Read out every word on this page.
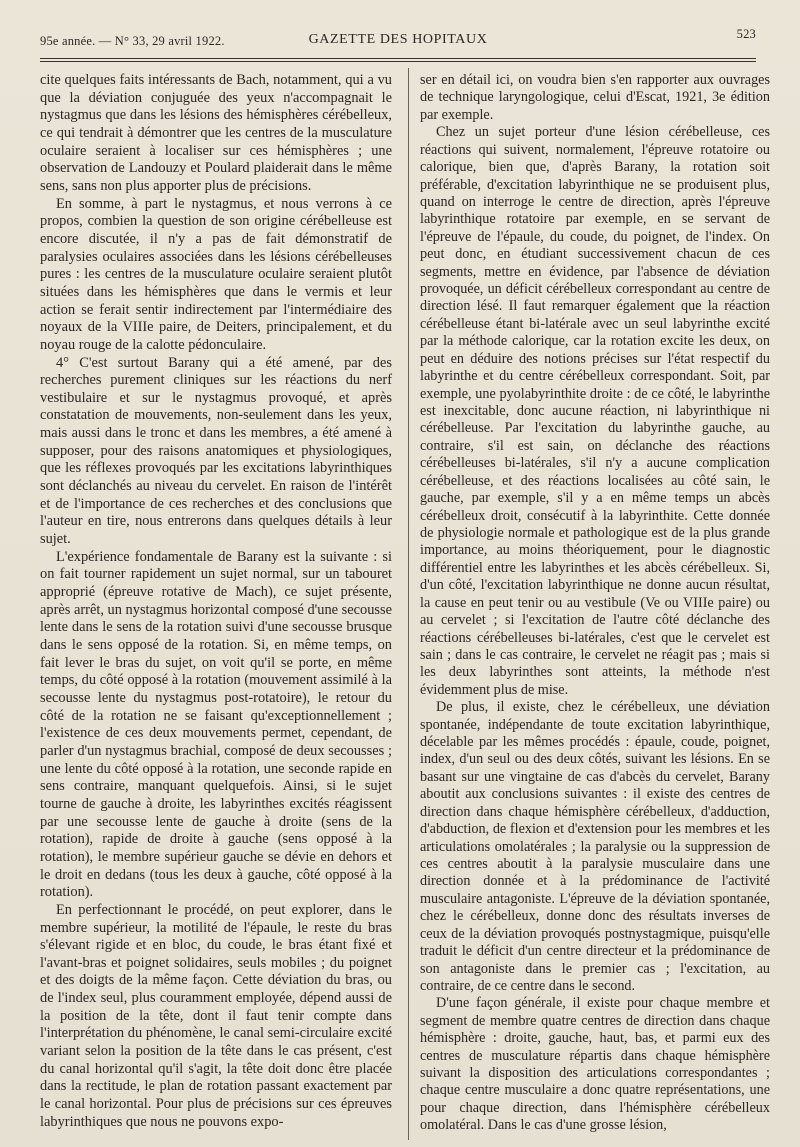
95e année. — N° 33, 29 avril 1922.	GAZETTE DES HOPITAUX	523

cite quelques faits intéressants de Bach, notamment, qui a vu que la déviation conjuguée des yeux n'accompagnait le nystagmus que dans les lésions des hémisphères cérébelleux, ce qui tendrait à démontrer que les centres de la musculature oculaire seraient à localiser sur ces hémisphères ; une observation de Landouzy et Poulard plaiderait dans le même sens, sans non plus apporter plus de précisions.

En somme, à part le nystagmus, et nous verrons à ce propos, combien la question de son origine cérébelleuse est encore discutée, il n'y a pas de fait démonstratif de paralysies oculaires associées dans les lésions cérébelleuses pures : les centres de la musculature oculaire seraient plutôt situées dans les hémisphères que dans le vermis et leur action se ferait sentir indirectement par l'intermédiaire des noyaux de la VIIIe paire, de Deiters, principalement, et du noyau rouge de la calotte pédonculaire.

4° C'est surtout Barany qui a été amené, par des recherches purement cliniques sur les réactions du nerf vestibulaire et sur le nystagmus provoqué, et après constatation de mouvements, non-seulement dans les yeux, mais aussi dans le tronc et dans les membres, a été amené à supposer, pour des raisons anatomiques et physiologiques, que les réflexes provoqués par les excitations labyrinthiques sont déclanchés au niveau du cervelet. En raison de l'intérêt et de l'importance de ces recherches et des conclusions que l'auteur en tire, nous entrerons dans quelques détails à leur sujet.

L'expérience fondamentale de Barany est la suivante : si on fait tourner rapidement un sujet normal, sur un tabouret approprié (épreuve rotative de Mach), ce sujet présente, après arrêt, un nystagmus horizontal composé d'une secousse lente dans le sens de la rotation suivi d'une secousse brusque dans le sens opposé de la rotation. Si, en même temps, on fait lever le bras du sujet, on voit qu'il se porte, en même temps, du côté opposé à la rotation (mouvement assimilé à la secousse lente du nystagmus post-rotatoire), le retour du côté de la rotation ne se faisant qu'exceptionnellement ; l'existence de ces deux mouvements permet, cependant, de parler d'un nystagmus brachial, composé de deux secousses ; une lente du côté opposé à la rotation, une seconde rapide en sens contraire, manquant quelquefois. Ainsi, si le sujet tourne de gauche à droite, les labyrinthes excités réagissent par une secousse lente de gauche à droite (sens de la rotation), rapide de droite à gauche (sens opposé à la rotation), le membre supérieur gauche se dévie en dehors et le droit en dedans (tous les deux à gauche, côté opposé à la rotation).

En perfectionnant le procédé, on peut explorer, dans le membre supérieur, la motilité de l'épaule, le reste du bras s'élevant rigide et en bloc, du coude, le bras étant fixé et l'avant-bras et poignet solidaires, seuls mobiles ; du poignet et des doigts de la même façon. Cette déviation du bras, ou de l'index seul, plus couramment employée, dépend aussi de la position de la tête, dont il faut tenir compte dans l'interprétation du phénomène, le canal semi-circulaire excité variant selon la position de la tête dans le cas présent, c'est du canal horizontal qu'il s'agit, la tête doit donc être placée dans la rectitude, le plan de rotation passant exactement par le canal horizontal. Pour plus de précisions sur ces épreuves labyrinthiques que nous ne pouvons expo-

ser en détail ici, on voudra bien s'en rapporter aux ouvrages de technique laryngologique, celui d'Escat, 1921, 3e édition par exemple.

Chez un sujet porteur d'une lésion cérébelleuse, ces réactions qui suivent, normalement, l'épreuve rotatoire ou calorique, bien que, d'après Barany, la rotation soit préférable, d'excitation labyrinthique ne se produisent plus, quand on interroge le centre de direction, après l'épreuve labyrinthique rotatoire par exemple, en se servant de l'épreuve de l'épaule, du coude, du poignet, de l'index. On peut donc, en étudiant successivement chacun de ces segments, mettre en évidence, par l'absence de déviation provoquée, un déficit cérébelleux correspondant au centre de direction lésé. Il faut remarquer également que la réaction cérébelleuse étant bi-latérale avec un seul labyrinthe excité par la méthode calorique, car la rotation excite les deux, on peut en déduire des notions précises sur l'état respectif du labyrinthe et du centre cérébelleux correspondant. Soit, par exemple, une pyolabyrinthite droite : de ce côté, le labyrinthe est inexcitable, donc aucune réaction, ni labyrinthique ni cérébelleuse. Par l'excitation du labyrinthe gauche, au contraire, s'il est sain, on déclanche des réactions cérébelleuses bi-latérales, s'il n'y a aucune complication cérébelleuse, et des réactions localisées au côté sain, le gauche, par exemple, s'il y a en même temps un abcès cérébelleux droit, consécutif à la labyrinthite. Cette donnée de physiologie normale et pathologique est de la plus grande importance, au moins théoriquement, pour le diagnostic différentiel entre les labyrinthes et les abcès cérébelleux. Si, d'un côté, l'excitation labyrinthique ne donne aucun résultat, la cause en peut tenir ou au vestibule (Ve ou VIIIe paire) ou au cervelet ; si l'excitation de l'autre côté déclanche des réactions cérébelleuses bi-latérales, c'est que le cervelet est sain ; dans le cas contraire, le cervelet ne réagit pas ; mais si les deux labyrinthes sont atteints, la méthode n'est évidemment plus de mise.

De plus, il existe, chez le cérébelleux, une déviation spontanée, indépendante de toute excitation labyrinthique, décelable par les mêmes procédés : épaule, coude, poignet, index, d'un seul ou des deux côtés, suivant les lésions. En se basant sur une vingtaine de cas d'abcès du cervelet, Barany aboutit aux conclusions suivantes : il existe des centres de direction dans chaque hémisphère cérébelleux, d'adduction, d'abduction, de flexion et d'extension pour les membres et les articulations omolatérales ; la paralysie ou la suppression de ces centres aboutit à la paralysie musculaire dans une direction donnée et à la prédominance de l'activité musculaire antagoniste. L'épreuve de la déviation spontanée, chez le cérébelleux, donne donc des résultats inverses de ceux de la déviation provoqués postnystagmique, puisqu'elle traduit le déficit d'un centre directeur et la prédominance de son antagoniste dans le premier cas ; l'excitation, au contraire, de ce centre dans le second.

D'une façon générale, il existe pour chaque membre et segment de membre quatre centres de direction dans chaque hémisphère : droite, gauche, haut, bas, et parmi eux des centres de musculature répartis dans chaque hémisphère suivant la disposition des articulations correspondantes ; chaque centre musculaire a donc quatre représentations, une pour chaque direction, dans l'hémisphère cérébelleux omolatéral. Dans le cas d'une grosse lésion,
